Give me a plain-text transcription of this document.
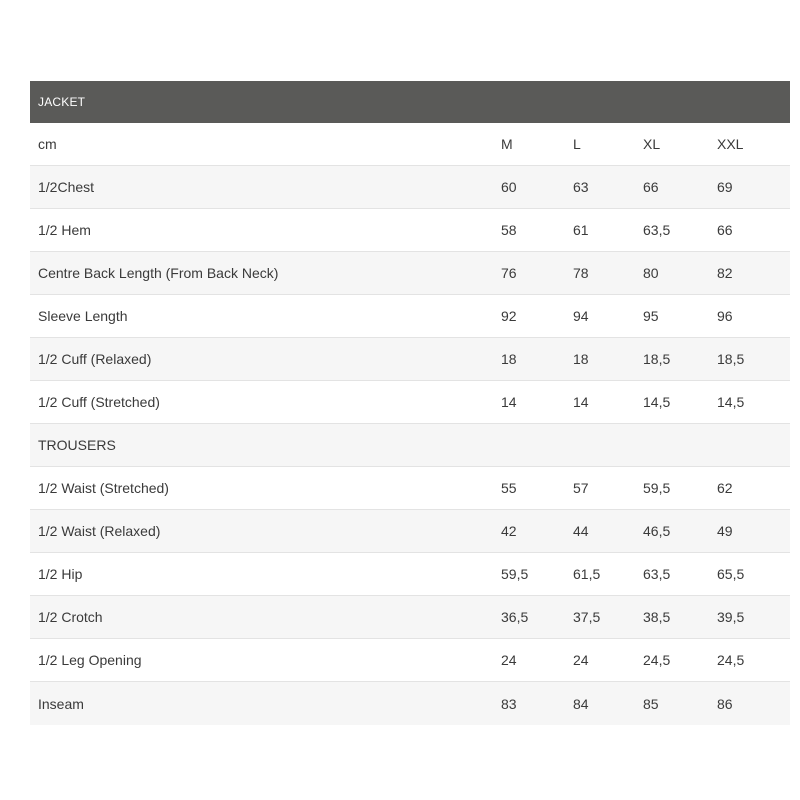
JACKET
cm	M	L	XL	XXL
1/2Chest	60	63	66	69
1/2 Hem	58	61	63,5	66
Centre Back Length (From Back Neck)	76	78	80	82
Sleeve Length	92	94	95	96
1/2 Cuff (Relaxed)	18	18	18,5	18,5
1/2 Cuff (Stretched)	14	14	14,5	14,5
TROUSERS
1/2 Waist (Stretched)	55	57	59,5	62
1/2 Waist (Relaxed)	42	44	46,5	49
1/2 Hip	59,5	61,5	63,5	65,5
1/2 Crotch	36,5	37,5	38,5	39,5
1/2 Leg Opening	24	24	24,5	24,5
Inseam	83	84	85	86
